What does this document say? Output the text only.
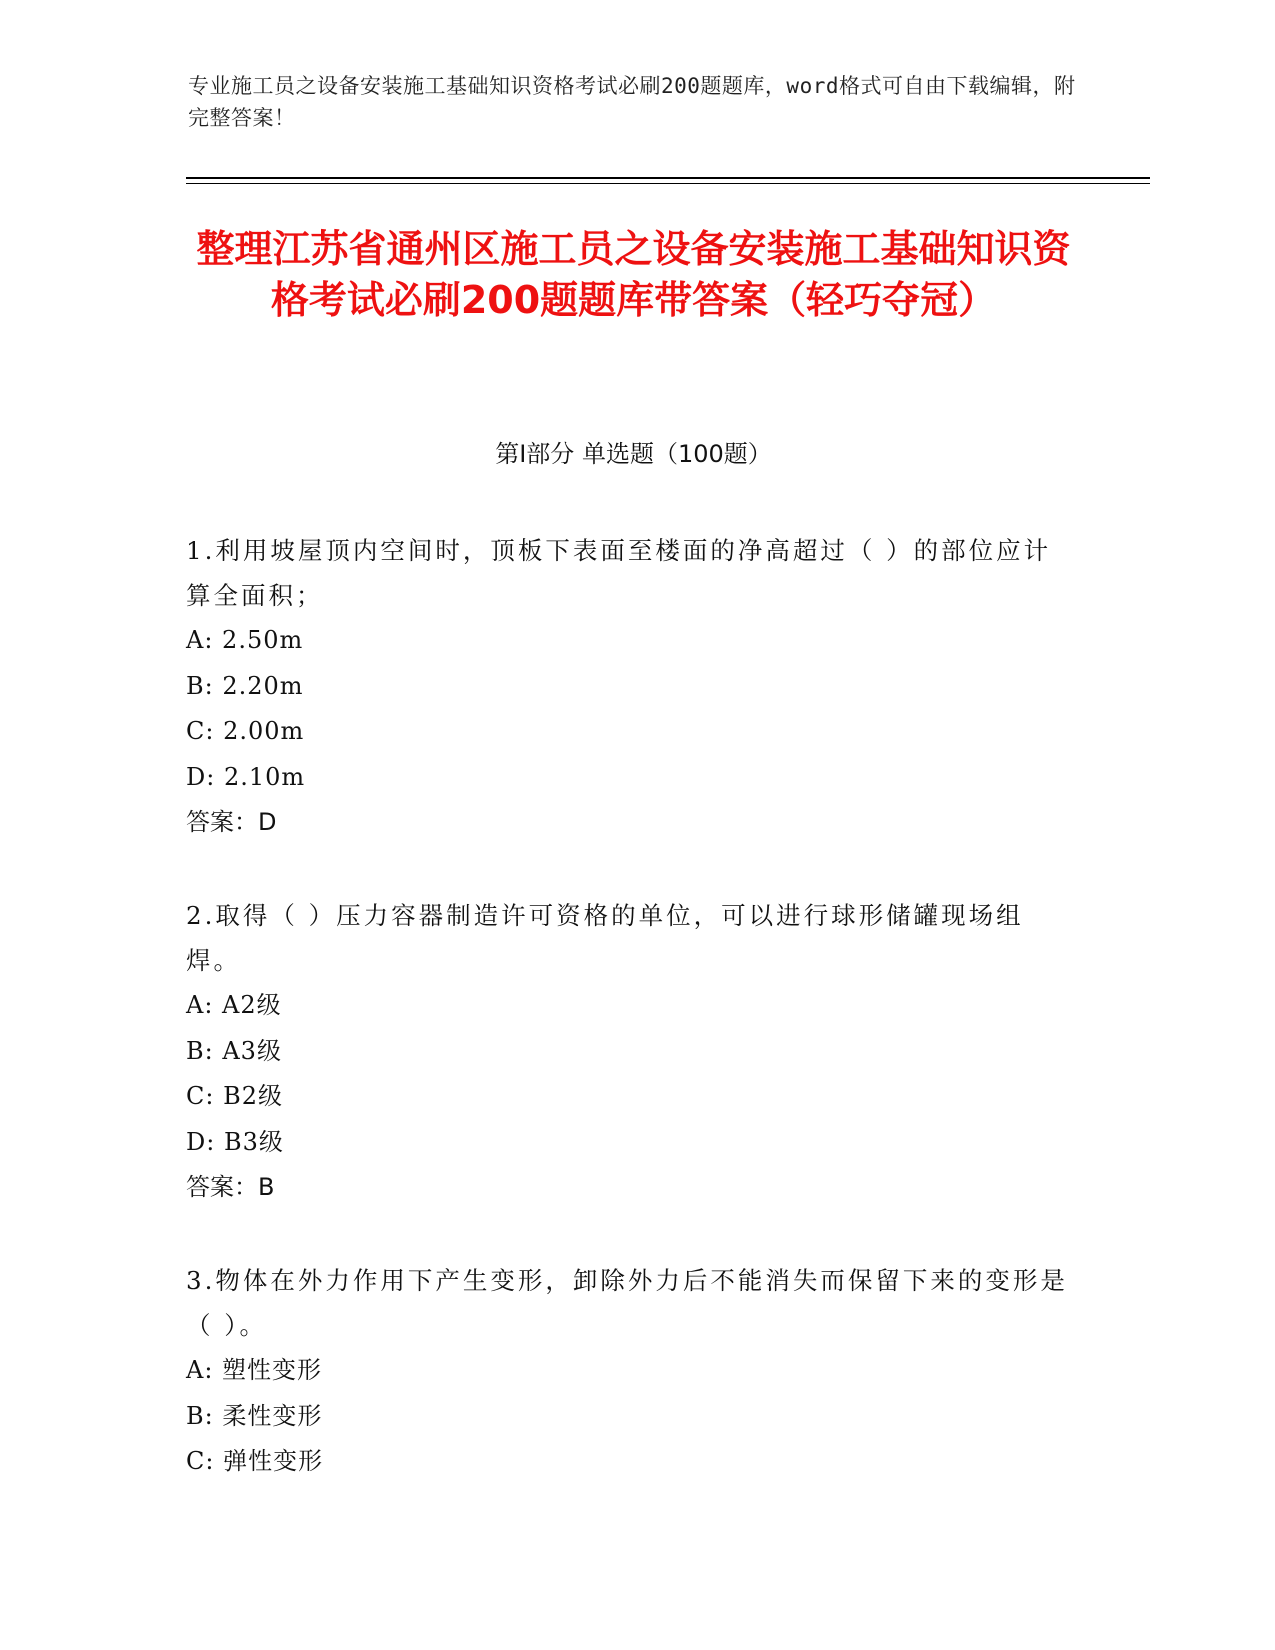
专业施工员之设备安装施工基础知识资格考试必刷200题题库，word格式可自由下载编辑，附完整答案！
整理江苏省通州区施工员之设备安装施工基础知识资格考试必刷200题题库带答案（轻巧夺冠）
第Ⅰ部分 单选题（100题）
1.利用坡屋顶内空间时，顶板下表面至楼面的净高超过（ ）的部位应计算全面积；
A: 2.50m
B: 2.20m
C: 2.00m
D: 2.10m
答案：D
2.取得（ ）压力容器制造许可资格的单位，可以进行球形储罐现场组焊。
A: A2级
B: A3级
C: B2级
D: B3级
答案：B
3.物体在外力作用下产生变形，卸除外力后不能消失而保留下来的变形是（ ）。
A: 塑性变形
B: 柔性变形
C: 弹性变形
